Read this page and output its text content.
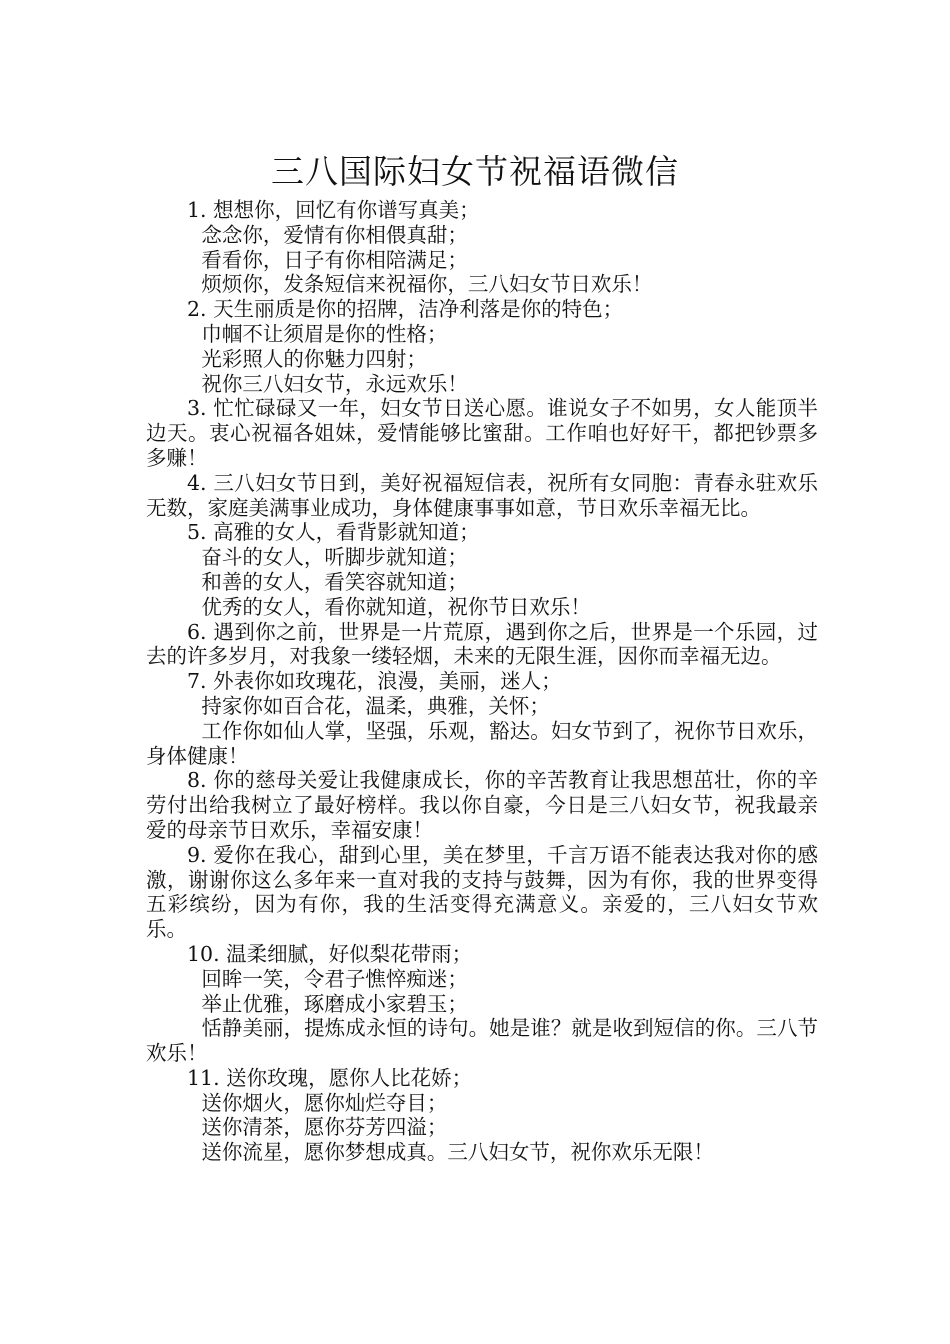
三八国际妇女节祝福语微信

1. 想想你，回忆有你谱写真美；

念念你，爱情有你相偎真甜；

看看你，日子有你相陪满足；

烦烦你，发条短信来祝福你，三八妇女节日欢乐！

2. 天生丽质是你的招牌，洁净利落是你的特色；

巾帼不让须眉是你的性格；

光彩照人的你魅力四射；

祝你三八妇女节，永远欢乐！

3. 忙忙碌碌又一年，妇女节日送心愿。谁说女子不如男，女人能顶半边天。衷心祝福各姐妹，爱情能够比蜜甜。工作咱也好好干，都把钞票多多赚！

4. 三八妇女节日到，美好祝福短信表，祝所有女同胞：青春永驻欢乐无数，家庭美满事业成功，身体健康事事如意，节日欢乐幸福无比。

5. 高雅的女人，看背影就知道；

奋斗的女人，听脚步就知道；

和善的女人，看笑容就知道；

优秀的女人，看你就知道，祝你节日欢乐！

6. 遇到你之前，世界是一片荒原，遇到你之后，世界是一个乐园，过去的许多岁月，对我象一缕轻烟，未来的无限生涯，因你而幸福无边。

7. 外表你如玫瑰花，浪漫，美丽，迷人；

持家你如百合花，温柔，典雅，关怀；

工作你如仙人掌，坚强，乐观，豁达。妇女节到了，祝你节日欢乐，身体健康！

8. 你的慈母关爱让我健康成长，你的辛苦教育让我思想茁壮，你的辛劳付出给我树立了最好榜样。我以你自豪，今日是三八妇女节，祝我最亲爱的母亲节日欢乐，幸福安康！

9. 爱你在我心，甜到心里，美在梦里，千言万语不能表达我对你的感激，谢谢你这么多年来一直对我的支持与鼓舞，因为有你，我的世界变得五彩缤纷，因为有你，我的生活变得充满意义。亲爱的，三八妇女节欢乐。

10. 温柔细腻，好似梨花带雨；

回眸一笑，令君子憔悴痴迷；

举止优雅，琢磨成小家碧玉；

恬静美丽，提炼成永恒的诗句。她是谁？就是收到短信的你。三八节欢乐！

11. 送你玫瑰，愿你人比花娇；

送你烟火，愿你灿烂夺目；

送你清茶，愿你芬芳四溢；

送你流星，愿你梦想成真。三八妇女节，祝你欢乐无限！
